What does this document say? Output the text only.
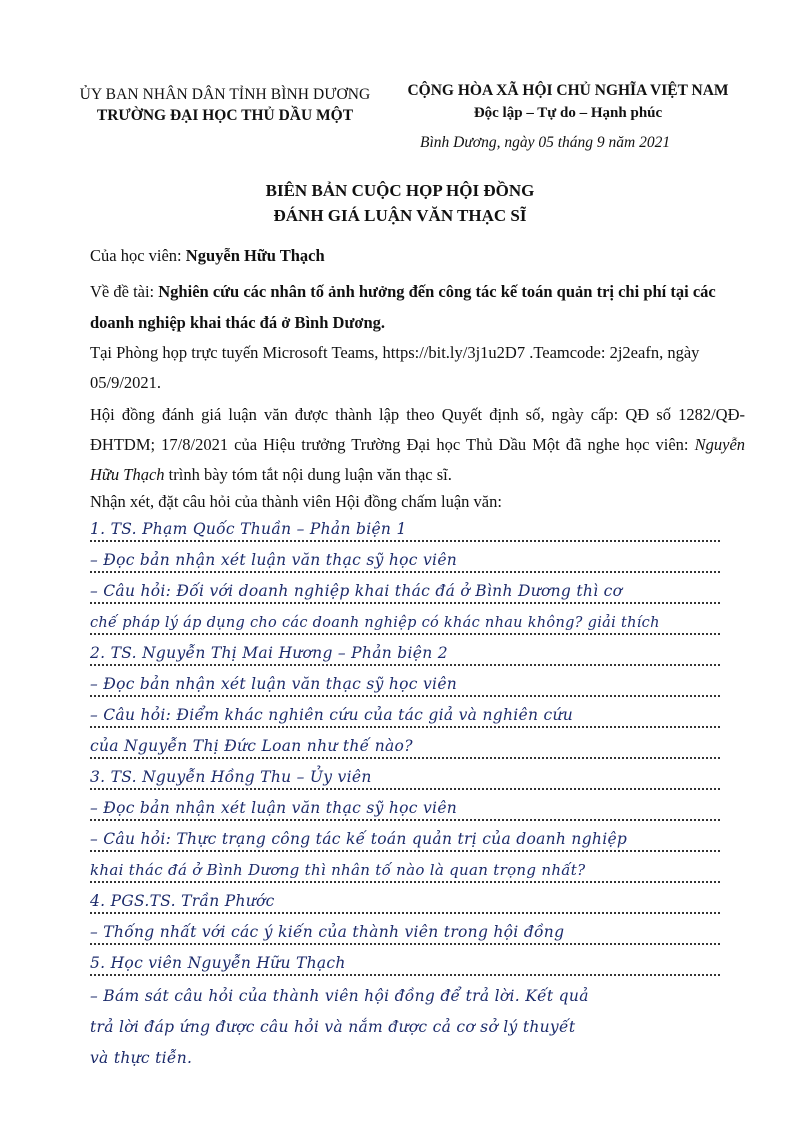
ỦY BAN NHÂN DÂN TỈNH BÌNH DƯƠNG
TRƯỜNG ĐẠI HỌC THỦ DẦU MỘT
CỘNG HÒA XÃ HỘI CHỦ NGHĨA VIỆT NAM
Độc lập – Tự do – Hạnh phúc
Bình Dương, ngày 05 tháng 9 năm 2021
BIÊN BẢN CUỘC HỌP HỘI ĐỒNG
ĐÁNH GIÁ LUẬN VĂN THẠC SĨ
Của học viên: Nguyễn Hữu Thạch
Về đề tài: Nghiên cứu các nhân tố ảnh hưởng đến công tác kế toán quản trị chi phí tại các doanh nghiệp khai thác đá ở Bình Dương.
Tại Phòng họp trực tuyến Microsoft Teams, https://bit.ly/3j1u2D7 .Teamcode: 2j2eafn, ngày 05/9/2021.
Hội đồng đánh giá luận văn được thành lập theo Quyết định số, ngày cấp: QĐ số 1282/QĐ-ĐHTDM; 17/8/2021 của Hiệu trưởng Trường Đại học Thủ Dầu Một đã nghe học viên: Nguyễn Hữu Thạch trình bày tóm tắt nội dung luận văn thạc sĩ.
Nhận xét, đặt câu hỏi của thành viên Hội đồng chấm luận văn:
1. TS. Phạm Quốc Thuần – Phản biện 1
– Đọc bản nhận xét luận văn thạc sỹ học viên
– Câu hỏi: Đối với doanh nghiệp khai thác đá ở Bình Dương thì cơ
chế pháp lý áp dụng cho các doanh nghiệp có khác nhau không? giải thích
2. TS. Nguyễn Thị Mai Hương – Phản biện 2
– Đọc bản nhận xét luận văn thạc sỹ học viên
– Câu hỏi: Điểm khác nghiên cứu của tác giả và nghiên cứu
của Nguyễn Thị Đức Loan như thế nào?
3. TS. Nguyễn Hồng Thu – Ủy viên
– Đọc bản nhận xét luận văn thạc sỹ học viên
– Câu hỏi: Thực trạng công tác kế toán quản trị của doanh nghiệp
khai thác đá ở Bình Dương thì nhân tố nào là quan trọng nhất?
4. PGS.TS. Trần Phước
– Thống nhất với các ý kiến của thành viên trong hội đồng
5. Học viên Nguyễn Hữu Thạch
– Bám sát câu hỏi của thành viên hội đồng để trả lời. Kết quả
trả lời đáp ứng được câu hỏi và nắm được cả cơ sở lý thuyết
và thực tiễn.
